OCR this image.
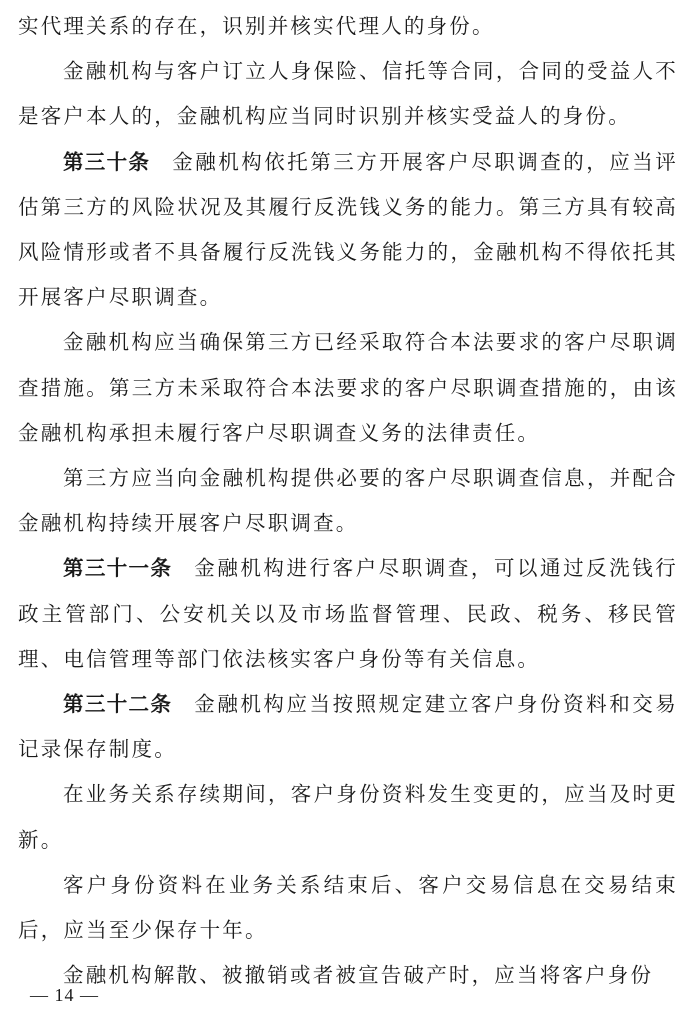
实代理关系的存在，识别并核实代理人的身份。

金融机构与客户订立人身保险、信托等合同，合同的受益人不是客户本人的，金融机构应当同时识别并核实受益人的身份。

第三十条 金融机构依托第三方开展客户尽职调查的，应当评估第三方的风险状况及其履行反洗钱义务的能力。第三方具有较高风险情形或者不具备履行反洗钱义务能力的，金融机构不得依托其开展客户尽职调查。

金融机构应当确保第三方已经采取符合本法要求的客户尽职调查措施。第三方未采取符合本法要求的客户尽职调查措施的，由该金融机构承担未履行客户尽职调查义务的法律责任。

第三方应当向金融机构提供必要的客户尽职调查信息，并配合金融机构持续开展客户尽职调查。

第三十一条 金融机构进行客户尽职调查，可以通过反洗钱行政主管部门、公安机关以及市场监督管理、民政、税务、移民管理、电信管理等部门依法核实客户身份等有关信息。

第三十二条 金融机构应当按照规定建立客户身份资料和交易记录保存制度。

在业务关系存续期间，客户身份资料发生变更的，应当及时更新。

客户身份资料在业务关系结束后、客户交易信息在交易结束后，应当至少保存十年。

金融机构解散、被撤销或者被宣告破产时，应当将客户身份

— 14 —
